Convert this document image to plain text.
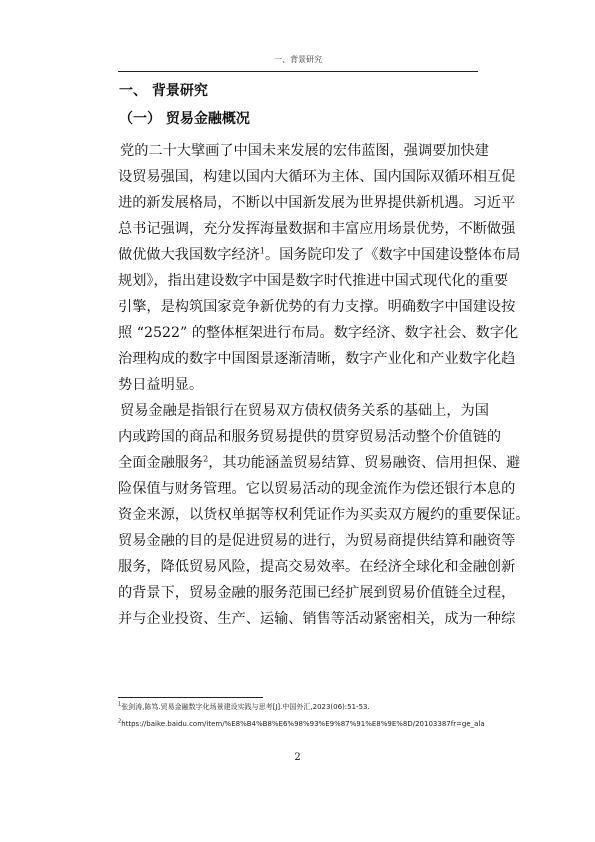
一、背景研究
一、 背景研究
（一） 贸易金融概况
党的二十大擘画了中国未来发展的宏伟蓝图，强调要加快建
设贸易强国，构建以国内大循环为主体、国内国际双循环相互促
进的新发展格局，不断以中国新发展为世界提供新机遇。习近平
总书记强调，充分发挥海量数据和丰富应用场景优势，不断做强
做优做大我国数字经济$^1$。国务院印发了《数字中国建设整体布局
规划》，指出建设数字中国是数字时代推进中国式现代化的重要
引擎，是构筑国家竞争新优势的有力支撑。明确数字中国建设按
照 “2522” 的整体框架进行布局。数字经济、数字社会、数字化
治理构成的数字中国图景逐渐清晰，数字产业化和产业数字化趋
势日益明显。
贸易金融是指银行在贸易双方债权债务关系的基础上，为国
内或跨国的商品和服务贸易提供的贯穿贸易活动整个价值链的
全面金融服务$^2$，其功能涵盖贸易结算、贸易融资、信用担保、避
险保值与财务管理。它以贸易活动的现金流作为偿还银行本息的
资金来源，以货权单据等权利凭证作为买卖双方履约的重要保证。
贸易金融的目的是促进贸易的进行，为贸易商提供结算和融资等
服务，降低贸易风险，提高交易效率。在经济全球化和金融创新
的背景下，贸易金融的服务范围已经扩展到贸易价值链全过程，
并与企业投资、生产、运输、销售等活动紧密相关，成为一种综
$^1$张剑涛,陈笃.贸易金融数字化场景建设实践与思考[J].中国外汇,2023(06):51-53.
$^2$https://baike.baidu.com/item/%E8%B4%B8%E6%98%93%E9%87%91%E8%9E%8D/20103387fr=ge_ala
2
